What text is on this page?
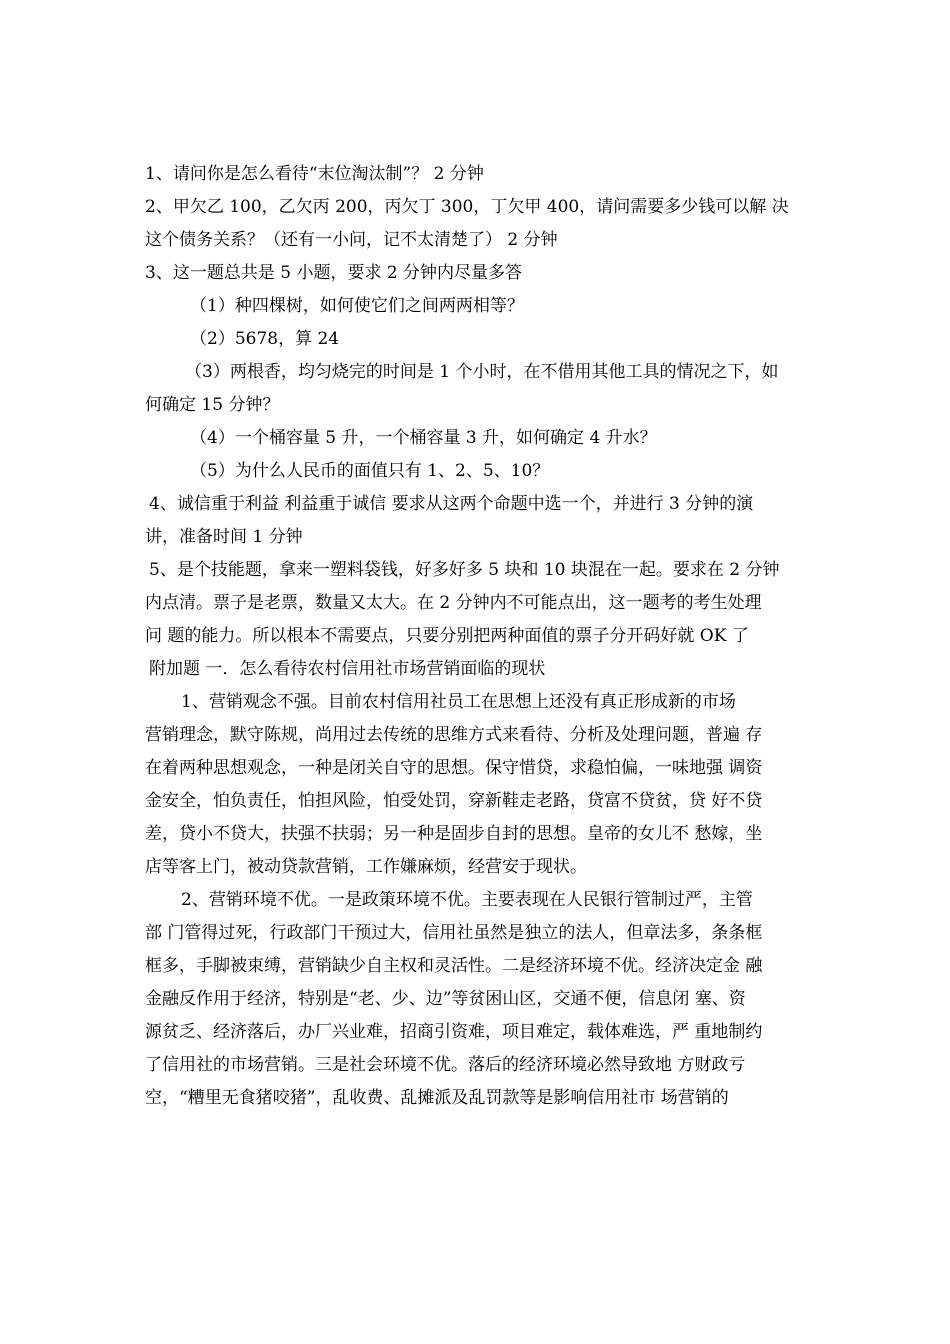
1、请问你是怎么看待“末位淘汰制”？ 2 分钟
2、甲欠乙 100，乙欠丙 200，丙欠丁 300，丁欠甲 400，请问需要多少钱可以解 决
这个债务关系？（还有一小问，记不太清楚了） 2 分钟
3、这一题总共是 5 小题，要求 2 分钟内尽量多答
（1）种四棵树，如何使它们之间两两相等？
（2）5678，算 24
（3）两根香，均匀烧完的时间是 1 个小时，在不借用其他工具的情况之下，如
何确定 15 分钟？
（4）一个桶容量 5 升，一个桶容量 3 升，如何确定 4 升水？
（5）为什么人民币的面值只有 1、2、5、10？
4、诚信重于利益 利益重于诚信 要求从这两个命题中选一个，并进行 3 分钟的演
讲，准备时间 1 分钟
5、是个技能题，拿来一塑料袋钱，好多好多 5 块和 10 块混在一起。要求在 2 分钟
内点清。票子是老票，数量又太大。在 2 分钟内不可能点出，这一题考的考生处理
问 题的能力。所以根本不需要点，只要分别把两种面值的票子分开码好就 OK 了
附加题 一．怎么看待农村信用社市场营销面临的现状
1、营销观念不强。目前农村信用社员工在思想上还没有真正形成新的市场
营销理念，默守陈规，尚用过去传统的思维方式来看待、分析及处理问题，普遍 存
在着两种思想观念，一种是闭关自守的思想。保守惜贷，求稳怕偏，一味地强 调资
金安全，怕负责任，怕担风险，怕受处罚，穿新鞋走老路，贷富不贷贫，贷 好不贷
差，贷小不贷大，扶强不扶弱；另一种是固步自封的思想。皇帝的女儿不 愁嫁，坐
店等客上门，被动贷款营销，工作嫌麻烦，经营安于现状。
2、营销环境不优。一是政策环境不优。主要表现在人民银行管制过严，主管
部 门管得过死，行政部门干预过大，信用社虽然是独立的法人，但章法多，条条框
框多，手脚被束缚，营销缺少自主权和灵活性。二是经济环境不优。经济决定金 融
金融反作用于经济，特别是“老、少、边”等贫困山区，交通不便，信息闭 塞、资
源贫乏、经济落后，办厂兴业难，招商引资难，项目难定，载体难选，严 重地制约
了信用社的市场营销。三是社会环境不优。落后的经济环境必然导致地 方财政亏
空，“糟里无食猪咬猪”，乱收费、乱摊派及乱罚款等是影响信用社市 场营销的
